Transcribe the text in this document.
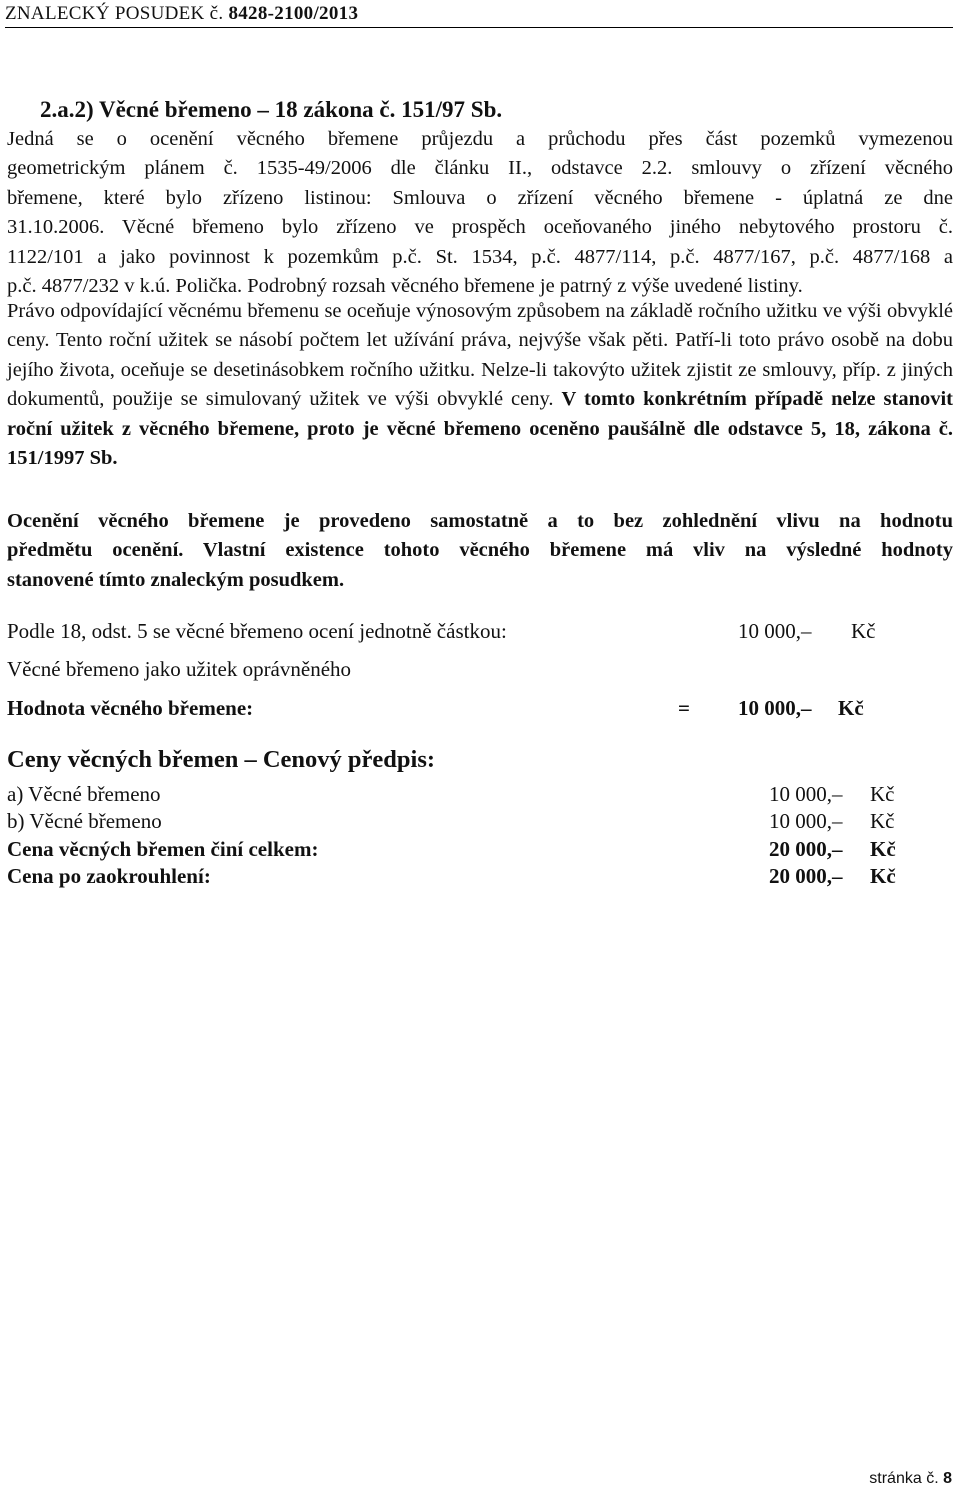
ZNALECKÝ POSUDEK č. 8428-2100/2013
2.a.2) Věcné břemeno – 18 zákona č. 151/97 Sb.

Jedná se o ocenění věcného břemene průjezdu a průchodu přes část pozemků vymezenou
geometrickým plánem č. 1535-49/2006 dle článku II., odstavce 2.2. smlouvy o zřízení věcného
břemene, které bylo zřízeno listinou: Smlouva o zřízení věcného břemene - úplatná ze dne
31.10.2006. Věcné břemeno bylo zřízeno ve prospěch oceňovaného jiného nebytového prostoru č.
1122/101 a jako povinnost k pozemkům p.č. St. 1534, p.č. 4877/114, p.č. 4877/167, p.č. 4877/168 a
p.č. 4877/232 v k.ú. Polička. Podrobný rozsah věcného břemene je patrný z výše uvedené listiny.

Právo odpovídající věcnému břemenu se oceňuje výnosovým způsobem na základě ročního užitku ve výši obvyklé ceny. Tento roční užitek se násobí počtem let užívání práva, nejvýše však pěti. Patří-li toto právo osobě na dobu jejího života, oceňuje se desetinásobkem ročního užitku. Nelze-li takovýto užitek zjistit ze smlouvy, příp. z jiných dokumentů, použije se simulovaný užitek ve výši obvyklé ceny. V tomto konkrétním případě nelze stanovit roční užitek z věcného břemene, proto je věcné břemeno oceněno paušálně dle odstavce 5, 18, zákona č. 151/1997 Sb.

Ocenění věcného břemene je provedeno samostatně a to bez zohlednění vlivu na hodnotu
předmětu ocenění. Vlastní existence tohoto věcného břemene má vliv na výsledné hodnoty
stanovené tímto znaleckým posudkem.

Podle 18, odst. 5 se věcné břemeno ocení jednotně částkou:	10 000,– Kč
Věcné břemeno jako užitek oprávněného
Hodnota věcného břemene:	= 10 000,– Kč
Ceny věcných břemen – Cenový předpis:
a) Věcné břemeno	10 000,– Kč
b) Věcné břemeno	10 000,– Kč
Cena věcných břemen činí celkem:	20 000,– Kč
Cena po zaokrouhlení:	20 000,– Kč
stránka č. 8
